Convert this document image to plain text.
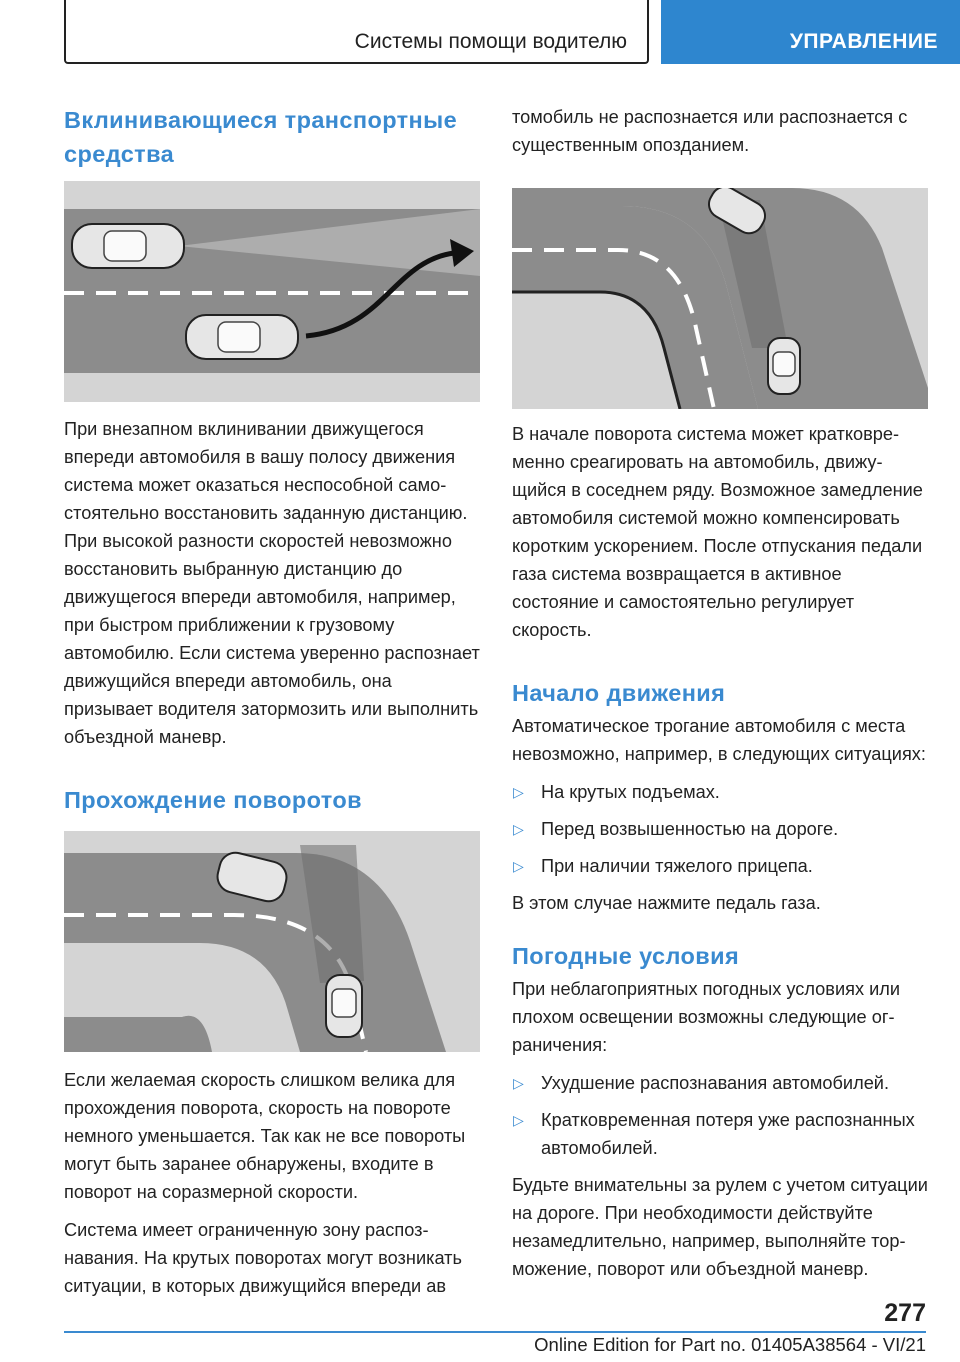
Системы помощи водителю	УПРАВЛЕНИЕ
Вклинивающиеся транспортные средства

При внезапном вклинивании движущегося впереди автомобиля в вашу полосу движения система может оказаться неспособной самостоятельно восстановить заданную дистанцию. При высокой разности скоростей невозможно восстановить выбранную дистанцию до движущегося впереди автомобиля, например, при быстром приближении к грузовому автомобилю. Если система уверенно распознает движущийся впереди автомобиль, она призывает водителя затормозить или выполнить объездной маневр.

Прохождение поворотов

Если желаемая скорость слишком велика для прохождения поворота, скорость на повороте немного уменьшается. Так как не все повороты могут быть заранее обнаружены, входите в поворот на соразмерной скорости.

Система имеет ограниченную зону распознавания. На крутых поворотах могут возникать ситуации, в которых движущийся впереди ав

томобиль не распознается или распознается с существенным опозданием.

В начале поворота система может кратковременно среагировать на автомобиль, движущийся в соседнем ряду. Возможное замедление автомобиля системой можно компенсировать коротким ускорением. После отпускания педали газа система возвращается в активное состояние и самостоятельно регулирует скорость.

Начало движения

Автоматическое трогание автомобиля с места невозможно, например, в следующих ситуациях:

▷ На крутых подъемах.
▷ Перед возвышенностью на дороге.
▷ При наличии тяжелого прицепа.

В этом случае нажмите педаль газа.

Погодные условия

При неблагоприятных погодных условиях или плохом освещении возможны следующие ограничения:

▷ Ухудшение распознавания автомобилей.
▷ Кратковременная потеря уже распознанных автомобилей.

Будьте внимательны за рулем с учетом ситуации на дороге. При необходимости действуйте незамедлительно, например, выполняйте торможение, поворот или объездной маневр.

277
Online Edition for Part no. 01405A38564 - VI/21
